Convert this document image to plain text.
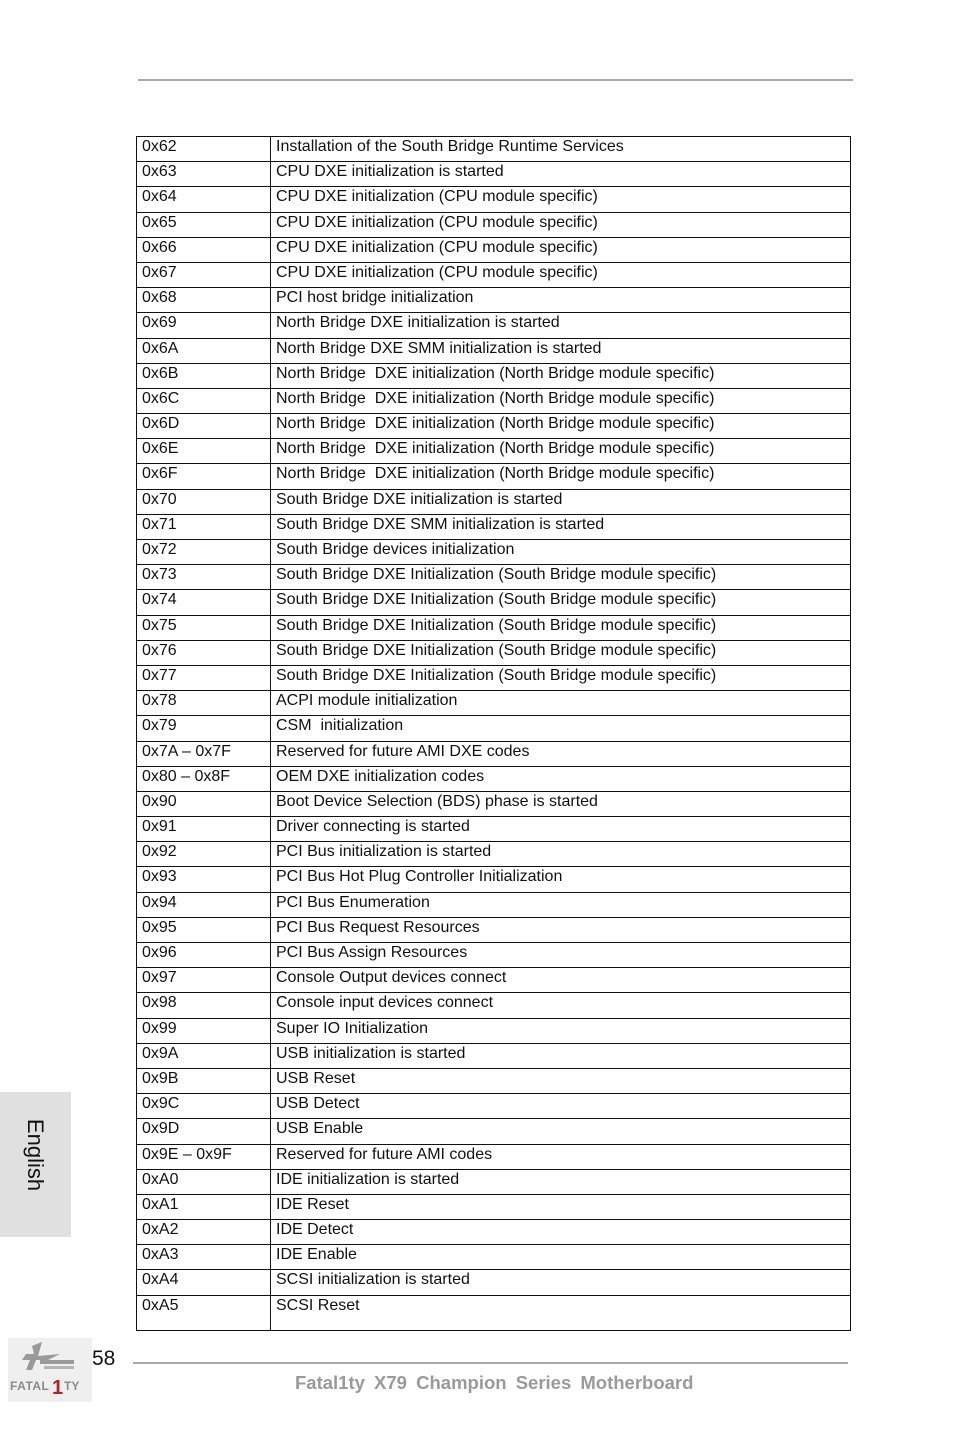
0x62	Installation of the South Bridge Runtime Services
0x63	CPU DXE initialization is started
0x64	CPU DXE initialization (CPU module specific)
0x65	CPU DXE initialization (CPU module specific)
0x66	CPU DXE initialization (CPU module specific)
0x67	CPU DXE initialization (CPU module specific)
0x68	PCI host bridge initialization
0x69	North Bridge DXE initialization is started
0x6A	North Bridge DXE SMM initialization is started
0x6B	North Bridge  DXE initialization (North Bridge module specific)
0x6C	North Bridge  DXE initialization (North Bridge module specific)
0x6D	North Bridge  DXE initialization (North Bridge module specific)
0x6E	North Bridge  DXE initialization (North Bridge module specific)
0x6F	North Bridge  DXE initialization (North Bridge module specific)
0x70	South Bridge DXE initialization is started
0x71	South Bridge DXE SMM initialization is started
0x72	South Bridge devices initialization
0x73	South Bridge DXE Initialization (South Bridge module specific)
0x74	South Bridge DXE Initialization (South Bridge module specific)
0x75	South Bridge DXE Initialization (South Bridge module specific)
0x76	South Bridge DXE Initialization (South Bridge module specific)
0x77	South Bridge DXE Initialization (South Bridge module specific)
0x78	ACPI module initialization
0x79	CSM  initialization
0x7A – 0x7F	Reserved for future AMI DXE codes
0x80 – 0x8F	OEM DXE initialization codes
0x90	Boot Device Selection (BDS) phase is started
0x91	Driver connecting is started
0x92	PCI Bus initialization is started
0x93	PCI Bus Hot Plug Controller Initialization
0x94	PCI Bus Enumeration
0x95	PCI Bus Request Resources
0x96	PCI Bus Assign Resources
0x97	Console Output devices connect
0x98	Console input devices connect
0x99	Super IO Initialization
0x9A	USB initialization is started
0x9B	USB Reset
0x9C	USB Detect
0x9D	USB Enable
0x9E – 0x9F	Reserved for future AMI codes
0xA0	IDE initialization is started
0xA1	IDE Reset
0xA2	IDE Detect
0xA3	IDE Enable
0xA4	SCSI initialization is started
0xA5	SCSI Reset
English
FATAL 1 TY
58
Fatal1ty X79 Champion Series Motherboard
